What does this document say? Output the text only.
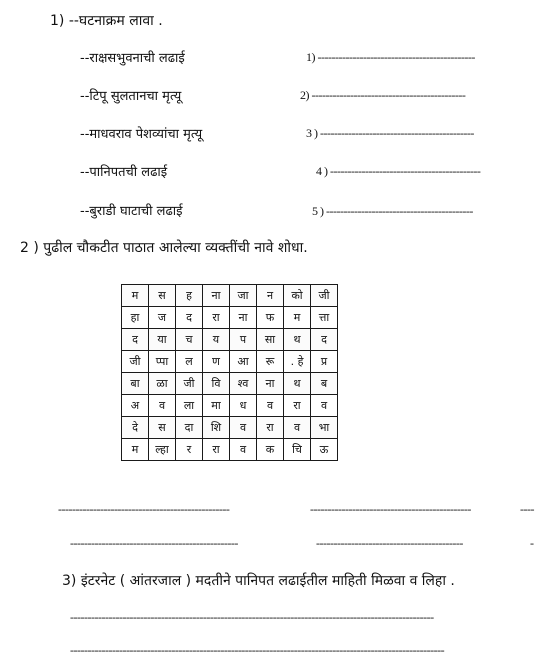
1) --घटनाक्रम लावा .
--राक्षसभुवनाची लढाई	1) ---------------------------------------------
--टिपू सुलतानचा मृत्यू	2) --------------------------------------------
--माधवराव पेशव्यांचा मृत्यू	3 ) --------------------------------------------
--पानिपतची लढाई	4 ) -------------------------------------------
--बुराडी घाटाची लढाई	5 ) ------------------------------------------
2 ) पुढील चौकटीत पाठात आलेल्या व्यक्तींची नावे शोधा.
म	स	ह	ना	जा	न	को	जी
हा	ज	द	रा	ना	फ	म	त्ता
द	या	च	य	प	सा	थ	द
जी	प्पा	ल	ण	आ	रू	. हे	प्र
बा	ळा	जी	वि	श्व	ना	थ	ब
अ	व	ला	मा	ध	व	रा	व
दे	स	दा	शि	व	रा	व	भा
म	ल्हा	र	रा	व	क	चि	ऊ
-------------------------------------------------	----------------------------------------------	----
------------------------------------------------	------------------------------------------	-
3) इंटरनेट ( आंतरजाल ) मदतीने पानिपत लढाईतील माहिती मिळवा व लिहा .
--------------------------------------------------------------------------------------------------------
-----------------------------------------------------------------------------------------------------------
